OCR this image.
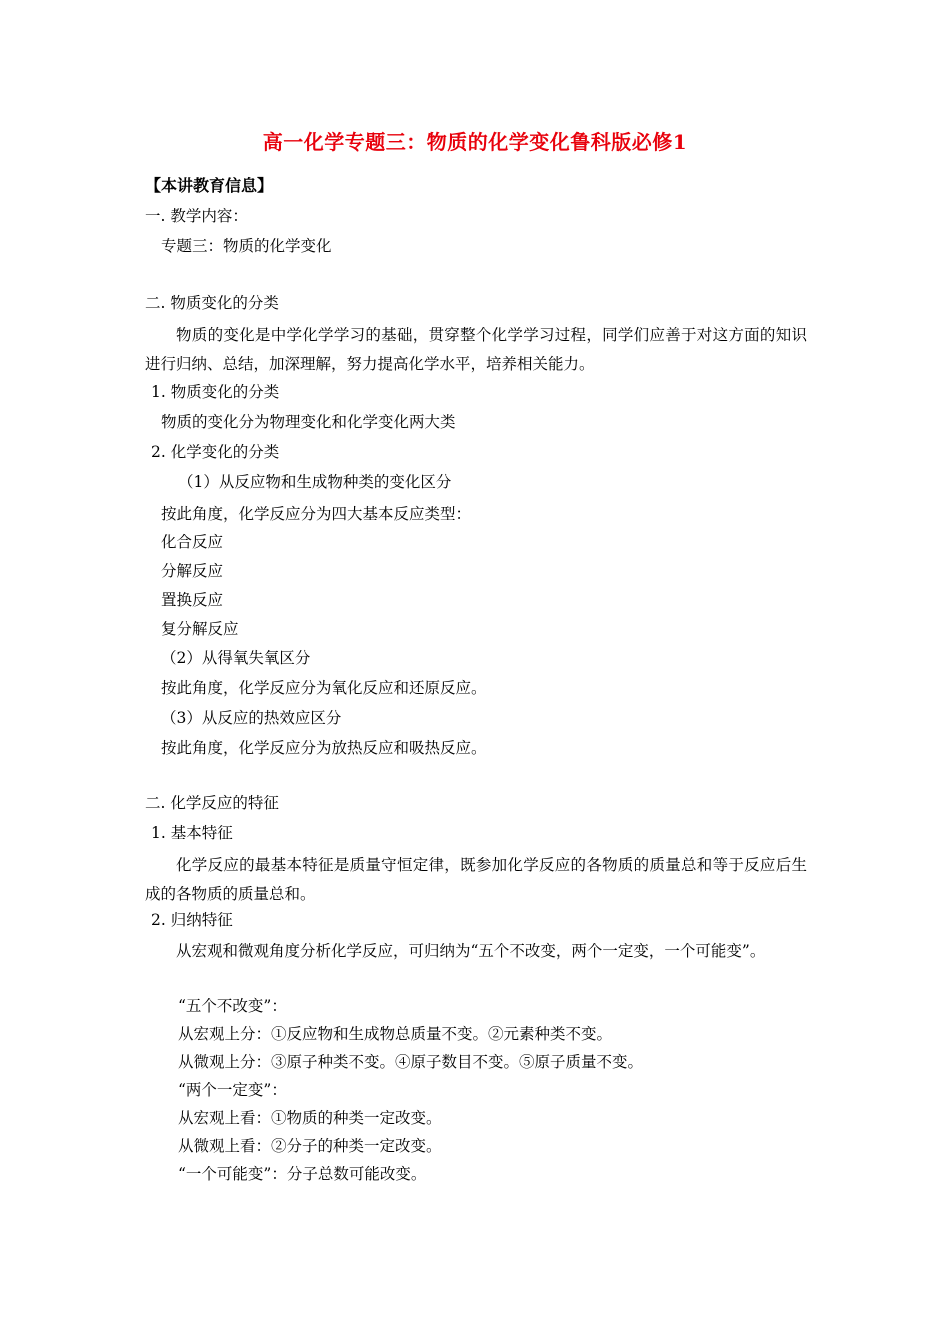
高一化学专题三：物质的化学变化鲁科版必修1
【本讲教育信息】
一. 教学内容：
专题三：物质的化学变化
二. 物质变化的分类
物质的变化是中学化学学习的基础，贯穿整个化学学习过程，同学们应善于对这方面的知识进行归纳、总结，加深理解，努力提高化学水平，培养相关能力。
1. 物质变化的分类
物质的变化分为物理变化和化学变化两大类
2. 化学变化的分类
（1）从反应物和生成物种类的变化区分
按此角度，化学反应分为四大基本反应类型：
化合反应
分解反应
置换反应
复分解反应
（2）从得氧失氧区分
按此角度，化学反应分为氧化反应和还原反应。
（3）从反应的热效应区分
按此角度，化学反应分为放热反应和吸热反应。
二. 化学反应的特征
1. 基本特征
化学反应的最基本特征是质量守恒定律，既参加化学反应的各物质的质量总和等于反应后生成的各物质的质量总和。
2. 归纳特征
从宏观和微观角度分析化学反应，可归纳为“五个不改变，两个一定变，一个可能变”。
“五个不改变”：
从宏观上分：①反应物和生成物总质量不变。②元素种类不变。
从微观上分：③原子种类不变。④原子数目不变。⑤原子质量不变。
“两个一定变”：
从宏观上看：①物质的种类一定改变。
从微观上看：②分子的种类一定改变。
“一个可能变”：分子总数可能改变。
